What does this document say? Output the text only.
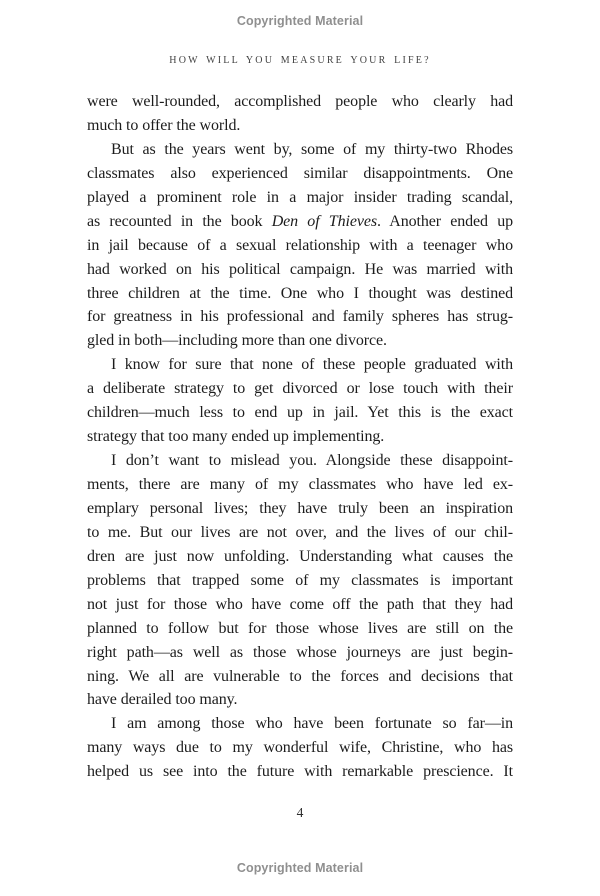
Copyrighted Material
HOW WILL YOU MEASURE YOUR LIFE?
were well-rounded, accomplished people who clearly had
much to offer the world.
But as the years went by, some of my thirty-two Rhodes
classmates also experienced similar disappointments. One
played a prominent role in a major insider trading scandal,
as recounted in the book Den of Thieves. Another ended up
in jail because of a sexual relationship with a teenager who
had worked on his political campaign. He was married with
three children at the time. One who I thought was destined
for greatness in his professional and family spheres has strug-
gled in both—including more than one divorce.
I know for sure that none of these people graduated with
a deliberate strategy to get divorced or lose touch with their
children—much less to end up in jail. Yet this is the exact
strategy that too many ended up implementing.
I don’t want to mislead you. Alongside these disappoint-
ments, there are many of my classmates who have led ex-
emplary personal lives; they have truly been an inspiration
to me. But our lives are not over, and the lives of our chil-
dren are just now unfolding. Understanding what causes the
problems that trapped some of my classmates is important
not just for those who have come off the path that they had
planned to follow but for those whose lives are still on the
right path—as well as those whose journeys are just begin-
ning. We all are vulnerable to the forces and decisions that
have derailed too many.
I am among those who have been fortunate so far—in
many ways due to my wonderful wife, Christine, who has
helped us see into the future with remarkable prescience. It
4
Copyrighted Material
